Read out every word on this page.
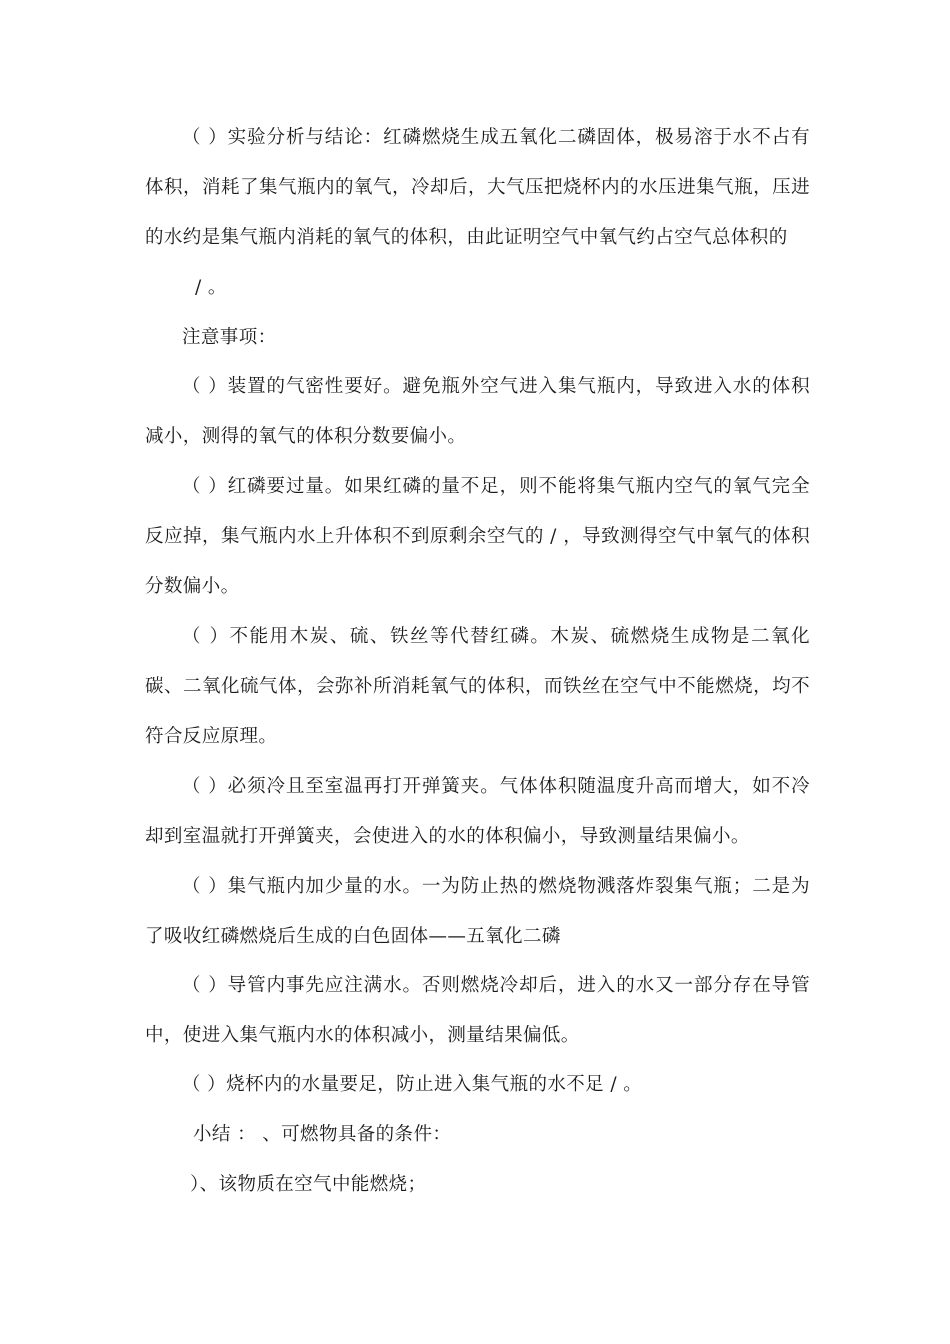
（ ）实验分析与结论：红磷燃烧生成五氧化二磷固体，极易溶于水不占有体积，消耗了集气瓶内的氧气，冷却后，大气压把烧杯内的水压进集气瓶，压进的水约是集气瓶内消耗的氧气的体积，由此证明空气中氧气约占空气总体积的

/ 。

注意事项：

（ ）装置的气密性要好。避免瓶外空气进入集气瓶内，导致进入水的体积减小，测得的氧气的体积分数要偏小。

（ ）红磷要过量。如果红磷的量不足，则不能将集气瓶内空气的氧气完全反应掉，集气瓶内水上升体积不到原剩余空气的 / ，导致测得空气中氧气的体积分数偏小。

（ ）不能用木炭、硫、铁丝等代替红磷。木炭、硫燃烧生成物是二氧化碳、二氧化硫气体，会弥补所消耗氧气的体积，而铁丝在空气中不能燃烧，均不符合反应原理。

（ ）必须冷且至室温再打开弹簧夹。气体体积随温度升高而增大，如不冷却到室温就打开弹簧夹，会使进入的水的体积偏小，导致测量结果偏小。

（ ）集气瓶内加少量的水。一为防止热的燃烧物溅落炸裂集气瓶；二是为了吸收红磷燃烧后生成的白色固体——五氧化二磷

（ ）导管内事先应注满水。否则燃烧冷却后，进入的水又一部分存在导管中，使进入集气瓶内水的体积减小，测量结果偏低。

（ ）烧杯内的水量要足，防止进入集气瓶的水不足 / 。

小结 ： 、可燃物具备的条件：

）、该物质在空气中能燃烧；
